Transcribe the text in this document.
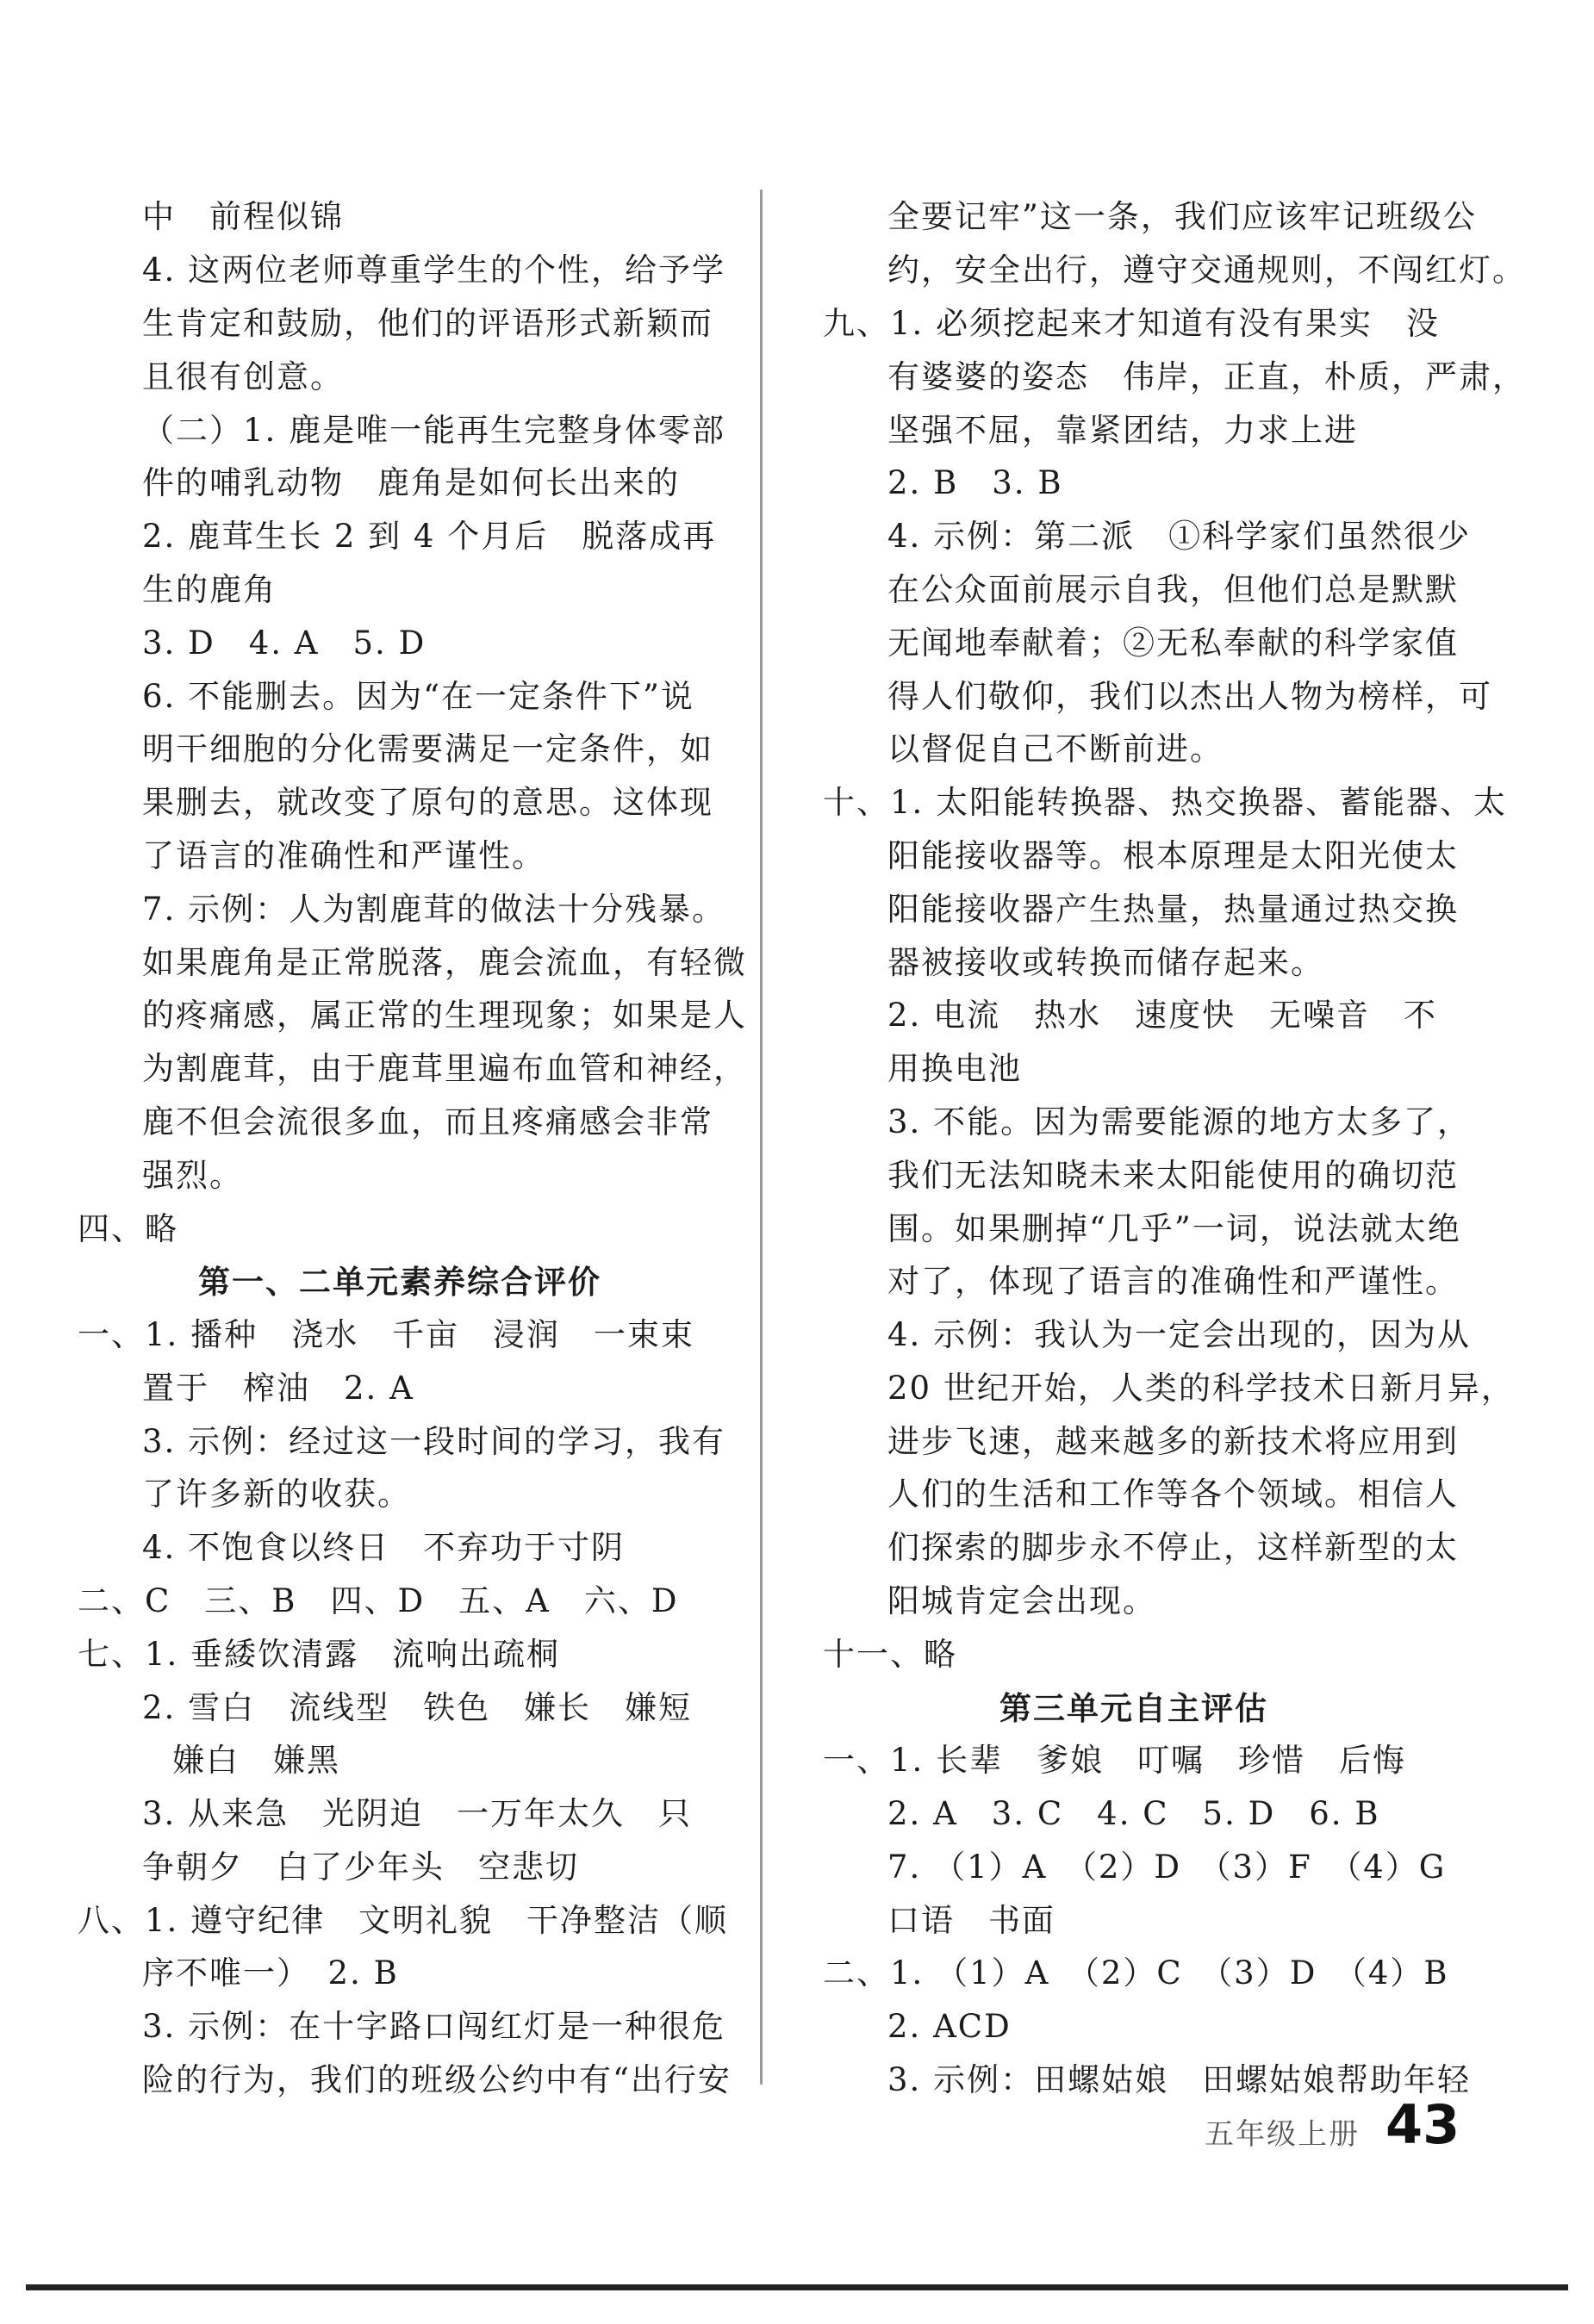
中　前程似锦
4. 这两位老师尊重学生的个性，给予学
生肯定和鼓励，他们的评语形式新颖而
且很有创意。
（二）1. 鹿是唯一能再生完整身体零部
件的哺乳动物　鹿角是如何长出来的
2. 鹿茸生长 2 到 4 个月后　脱落成再
生的鹿角
3. D　4. A　5. D
6. 不能删去。因为“在一定条件下”说
明干细胞的分化需要满足一定条件，如
果删去，就改变了原句的意思。这体现
了语言的准确性和严谨性。
7. 示例：人为割鹿茸的做法十分残暴。
如果鹿角是正常脱落，鹿会流血，有轻微
的疼痛感，属正常的生理现象；如果是人
为割鹿茸，由于鹿茸里遍布血管和神经，
鹿不但会流很多血，而且疼痛感会非常
强烈。
四、略
第一、二单元素养综合评价
一、1. 播种　浇水　千亩　浸润　一束束
置于　榨油　2. A
3. 示例：经过这一段时间的学习，我有
了许多新的收获。
4. 不饱食以终日　不弃功于寸阴
二、C　三、B　四、D　五、A　六、D
七、1. 垂緌饮清露　流响出疏桐
2. 雪白　流线型　铁色　嫌长　嫌短
嫌白　嫌黑
3. 从来急　光阴迫　一万年太久　只
争朝夕　白了少年头　空悲切
八、1. 遵守纪律　文明礼貌　干净整洁（顺
序不唯一）　2. B
3. 示例：在十字路口闯红灯是一种很危
险的行为，我们的班级公约中有“出行安
全要记牢”这一条，我们应该牢记班级公
约，安全出行，遵守交通规则，不闯红灯。
九、1. 必须挖起来才知道有没有果实　没
有婆婆的姿态　伟岸，正直，朴质，严肃，
坚强不屈，靠紧团结，力求上进
2. B　3. B
4. 示例：第二派　①科学家们虽然很少
在公众面前展示自我，但他们总是默默
无闻地奉献着；②无私奉献的科学家值
得人们敬仰，我们以杰出人物为榜样，可
以督促自己不断前进。
十、1. 太阳能转换器、热交换器、蓄能器、太
阳能接收器等。根本原理是太阳光使太
阳能接收器产生热量，热量通过热交换
器被接收或转换而储存起来。
2. 电流　热水　速度快　无噪音　不
用换电池
3. 不能。因为需要能源的地方太多了，
我们无法知晓未来太阳能使用的确切范
围。如果删掉“几乎”一词，说法就太绝
对了，体现了语言的准确性和严谨性。
4. 示例：我认为一定会出现的，因为从
20 世纪开始，人类的科学技术日新月异，
进步飞速，越来越多的新技术将应用到
人们的生活和工作等各个领域。相信人
们探索的脚步永不停止，这样新型的太
阳城肯定会出现。
十一、略
第三单元自主评估
一、1. 长辈　爹娘　叮嘱　珍惜　后悔
2. A　3. C　4. C　5. D　6. B
7. （1）A　（2）D　（3）F　（4）G
口语　书面
二、1. （1）A　（2）C　（3）D　（4）B
2. ACD
3. 示例：田螺姑娘　田螺姑娘帮助年轻
五年级上册 43
